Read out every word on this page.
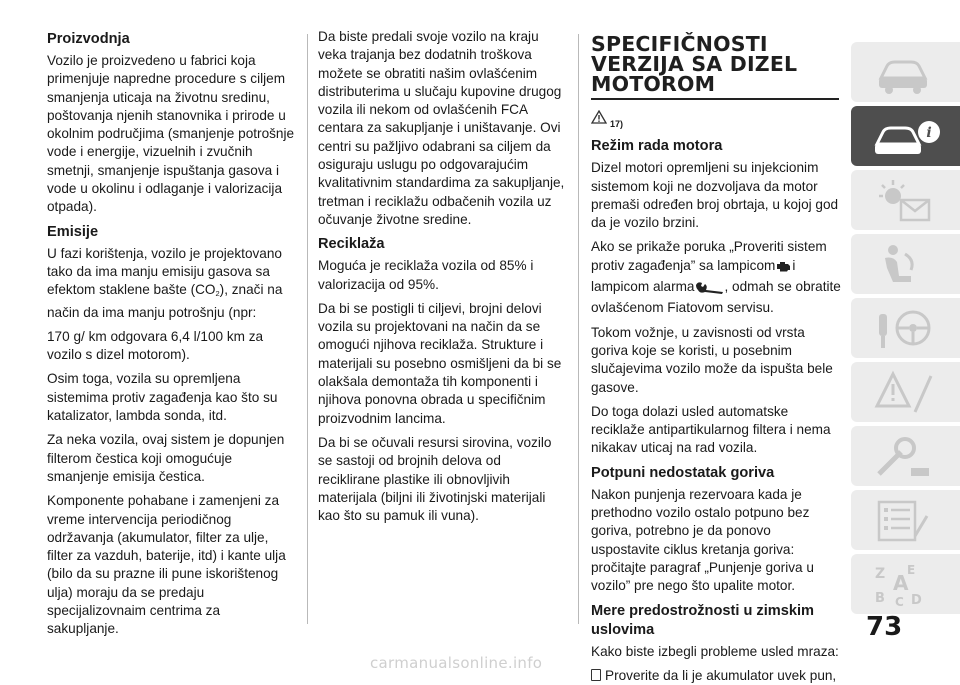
Proizvodnja

Vozilo je proizvedeno u fabrici koja primenjuje napredne procedure s ciljem smanjenja uticaja na životnu sredinu, poštovanja njenih stanovnika i prirode u okolnim područjima (smanjenje potrošnje vode i energije, vizuelnih i zvučnih smetnji, smanjenje ispuštanja gasova i vode u okolinu i odlaganje i valorizacija otpada).

Emisije

U fazi korištenja, vozilo je projektovano tako da ima manju emisiju gasova sa efektom staklene bašte $(CO_2)$, znači na način da ima manju potrošnju (npr:

170 g/ km odgovara 6,4 l/100 km za vozilo s dizel motorom).

Osim toga, vozila su opremljena sistemima protiv zagađenja kao što su katalizator, lambda sonda, itd.

Za neka vozila, ovaj sistem je dopunjen filterom čestica koji omogućuje smanjenje emisija čestica.

Komponente pohabane i zamenjeni za vreme intervencija periodičnog održavanja (akumulator, filter za ulje, filter za vazduh, baterije, itd) i kante ulja (bilo da su prazne ili pune iskorištenog ulja) moraju da se predaju specijalizovnaim centrima za sakupljanje.

Da biste predali svoje vozilo na kraju veka trajanja bez dodatnih troškova možete se obratiti našim ovlašćenim distributerima u slučaju kupovine drugog vozila ili nekom od ovlašćenih FCA centara za sakupljanje i uništavanje. Ovi centri su pažljivo odabrani sa ciljem da osiguraju uslugu po odgovarajućim kvalitativnim standardima za sakupljanje, tretman i reciklažu odbačenih vozila uz očuvanje životne sredine.

Reciklaža

Moguća je reciklaža vozila od 85% i valorizacija od 95%.

Da bi se postigli ti ciljevi, brojni delovi vozila su projektovani na način da se omogući njihova reciklaža. Strukture i materijali su posebno osmišljeni da bi se olakšala demontaža tih komponenti i njihova ponovna obrada u specifičnim proizvodnim lancima.

Da bi se očuvali resursi sirovina, vozilo se sastoji od brojnih delova od reciklirane plastike ili obnovljivih materijala (biljni ili životinjski materijali kao što su pamuk ili vuna).

SPECIFIČNOSTI VERZIJA SA DIZEL MOTOROM
17)
Režim rada motora

Dizel motori opremljeni su injekcionim sistemom koji ne dozvoljava da motor premaši određen broj obrtaja, u kojoj god da je vozilo brzini.

Ako se prikaže poruka „Proveriti sistem protiv zagađenja” sa lampicom i lampicom alarma , odmah se obratite ovlašćenom Fiatovom servisu.

Tokom vožnje, u zavisnosti od vrsta goriva koje se koristi, u posebnim slučajevima vozilo može da ispušta bele gasove.

Do toga dolazi usled automatske reciklaže antipartikularnog filtera i nema nikakav uticaj na rad vozila.

Potpuni nedostatak goriva

Nakon punjenja rezervoara kada je prethodno vozilo ostalo potpuno bez goriva, potrebno je da ponovo uspostavite ciklus kretanja goriva: pročitajte paragraf „Punjenje goriva u vozilo” pre nego što upalite motor.

Mere predostrožnosti u zimskim uslovima

Kako biste izbegli probleme usled mraza:

Proverite da li je akumulator uvek pun,

i
Z E
B C D
A
73
carmanualsonline.info
